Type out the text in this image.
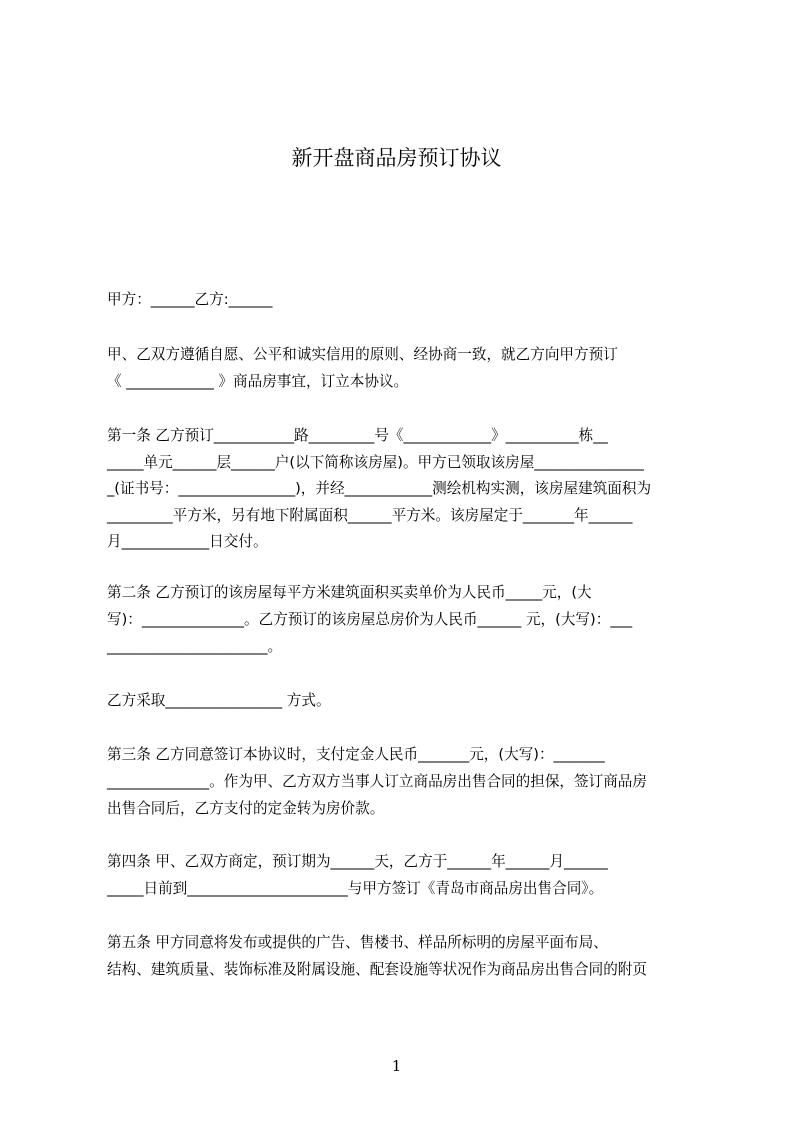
新开盘商品房预订协议
甲方：______乙方:______
甲、乙双方遵循自愿、公平和诚实信用的原则、经协商一致，就乙方向甲方预订
《 ____________ 》商品房事宜，订立本协议。
第一条 乙方预订___________路_________号《____________》__________栋__
_____单元______层______户(以下简称该房屋)。甲方已领取该房屋_______________
_(证书号：________________)，并经____________测绘机构实测，该房屋建筑面积为
_________平方米，另有地下附属面积______平方米。该房屋定于_______年______
月____________日交付。
第二条 乙方预订的该房屋每平方米建筑面积买卖单价为人民币_____元，(大
写)：______________。乙方预订的该房屋总房价为人民币______ 元，(大写)：___
______________________。
乙方采取________________ 方式。
第三条 乙方同意签订本协议时，支付定金人民币_______元，(大写)：_______
______________。作为甲、乙方双方当事人订立商品房出售合同的担保，签订商品房
出售合同后，乙方支付的定金转为房价款。
第四条 甲、乙双方商定，预订期为______天，乙方于______年______月______
_____日前到______________________与甲方签订《青岛市商品房出售合同》。
第五条 甲方同意将发布或提供的广告、售楼书、样品所标明的房屋平面布局、
结构、建筑质量、装饰标准及附属设施、配套设施等状况作为商品房出售合同的附页
1
